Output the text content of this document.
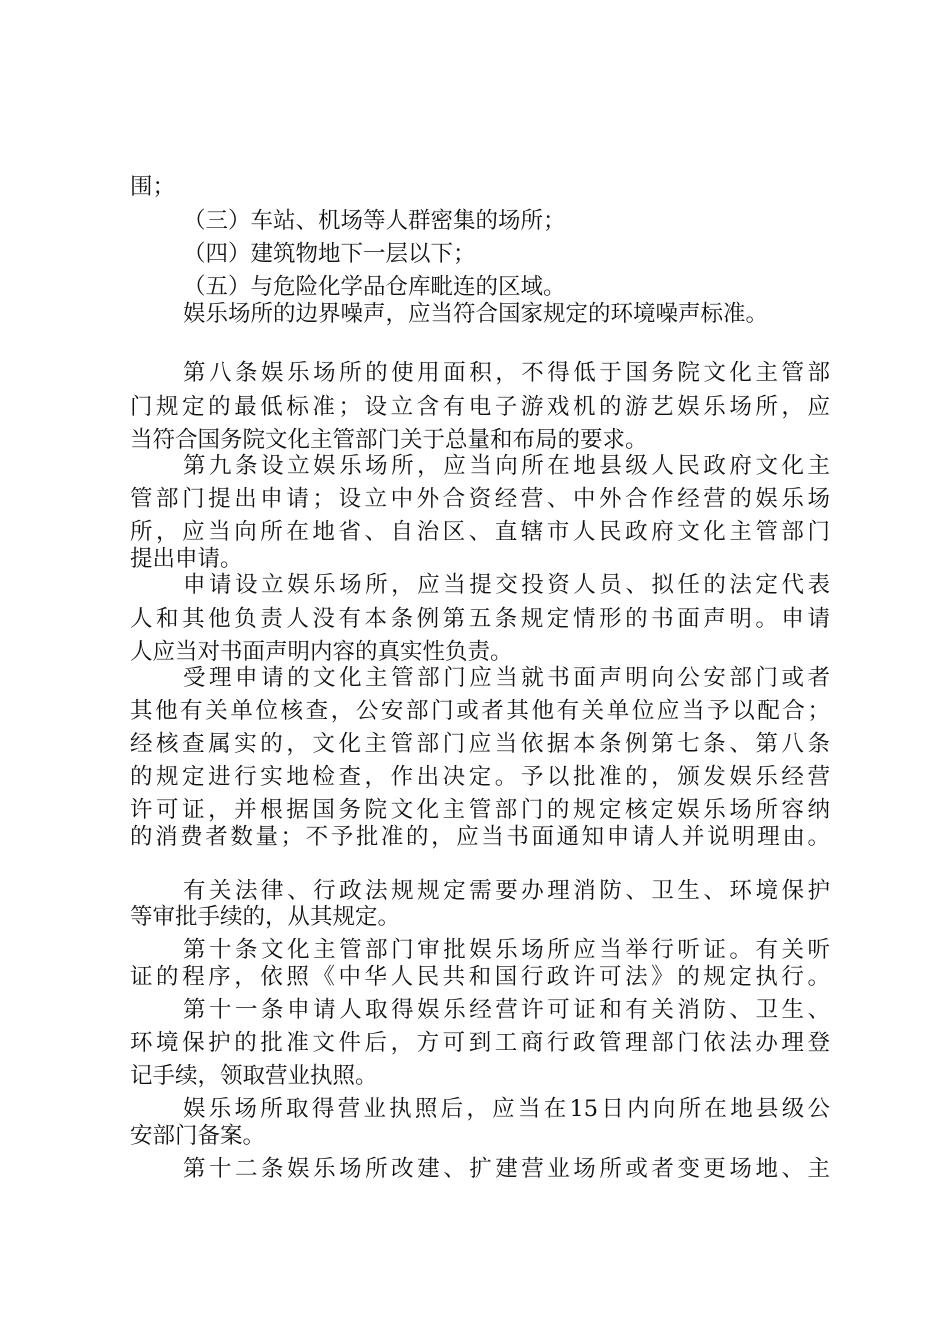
围；
（三）车站、机场等人群密集的场所；
（四）建筑物地下一层以下；
（五）与危险化学品仓库毗连的区域。
娱乐场所的边界噪声，应当符合国家规定的环境噪声标准。
第八条娱乐场所的使用面积，不得低于国务院文化主管部
门规定的最低标准；设立含有电子游戏机的游艺娱乐场所，应
当符合国务院文化主管部门关于总量和布局的要求。
第九条设立娱乐场所，应当向所在地县级人民政府文化主
管部门提出申请；设立中外合资经营、中外合作经营的娱乐场
所，应当向所在地省、自治区、直辖市人民政府文化主管部门
提出申请。
申请设立娱乐场所，应当提交投资人员、拟任的法定代表
人和其他负责人没有本条例第五条规定情形的书面声明。申请
人应当对书面声明内容的真实性负责。
受理申请的文化主管部门应当就书面声明向公安部门或者
其他有关单位核查，公安部门或者其他有关单位应当予以配合；
经核查属实的，文化主管部门应当依据本条例第七条、第八条
的规定进行实地检查，作出决定。予以批准的，颁发娱乐经营
许可证，并根据国务院文化主管部门的规定核定娱乐场所容纳
的消费者数量；不予批准的，应当书面通知申请人并说明理由。
有关法律、行政法规规定需要办理消防、卫生、环境保护
等审批手续的，从其规定。
第十条文化主管部门审批娱乐场所应当举行听证。有关听
证的程序，依照《中华人民共和国行政许可法》的规定执行。
第十一条申请人取得娱乐经营许可证和有关消防、卫生、
环境保护的批准文件后，方可到工商行政管理部门依法办理登
记手续，领取营业执照。
娱乐场所取得营业执照后，应当在15日内向所在地县级公
安部门备案。
第十二条娱乐场所改建、扩建营业场所或者变更场地、主
